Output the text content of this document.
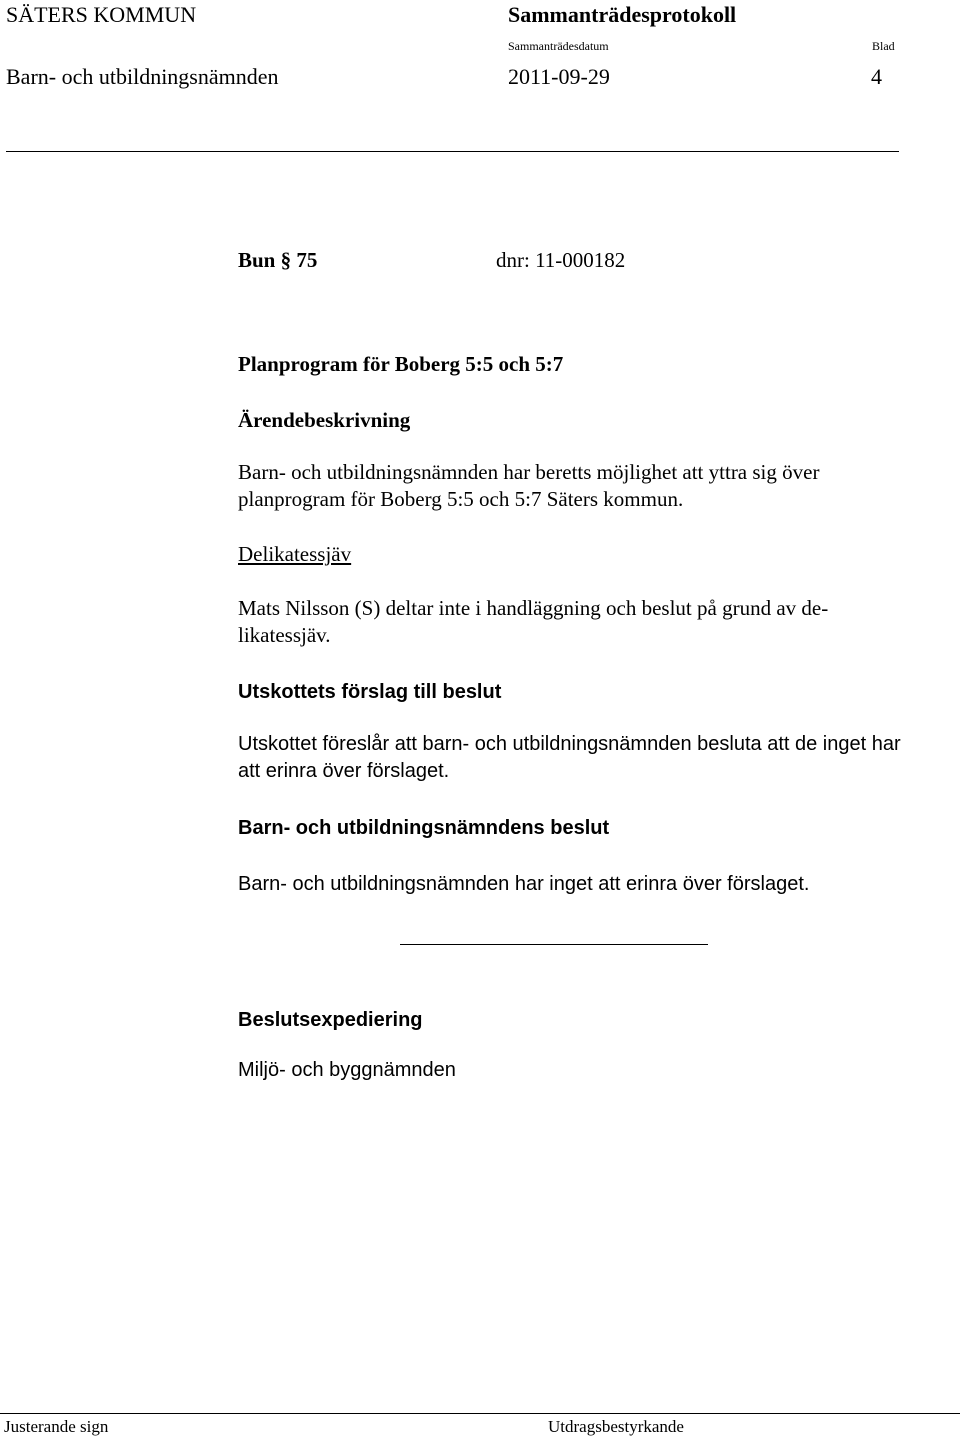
SÄTERS KOMMUN	Sammanträdesprotokoll
Sammanträdesdatum	Blad
Barn- och utbildningsnämnden	2011-09-29	4
Bun § 75	dnr: 11-000182
Planprogram för Boberg 5:5 och 5:7
Ärendebeskrivning
Barn- och utbildningsnämnden har beretts möjlighet att yttra sig över planprogram för Boberg 5:5 och 5:7 Säters kommun.
Delikatessjäv
Mats Nilsson (S) deltar inte i handläggning och beslut på grund av de-likatessjäv.
Utskottets förslag till beslut
Utskottet föreslår att barn- och utbildningsnämnden besluta att de inget har att erinra över förslaget.
Barn- och utbildningsnämndens beslut
Barn- och utbildningsnämnden har inget att erinra över förslaget.
Beslutsexpediering
Miljö- och byggnämnden
Justerande sign	Utdragsbestyrkande
